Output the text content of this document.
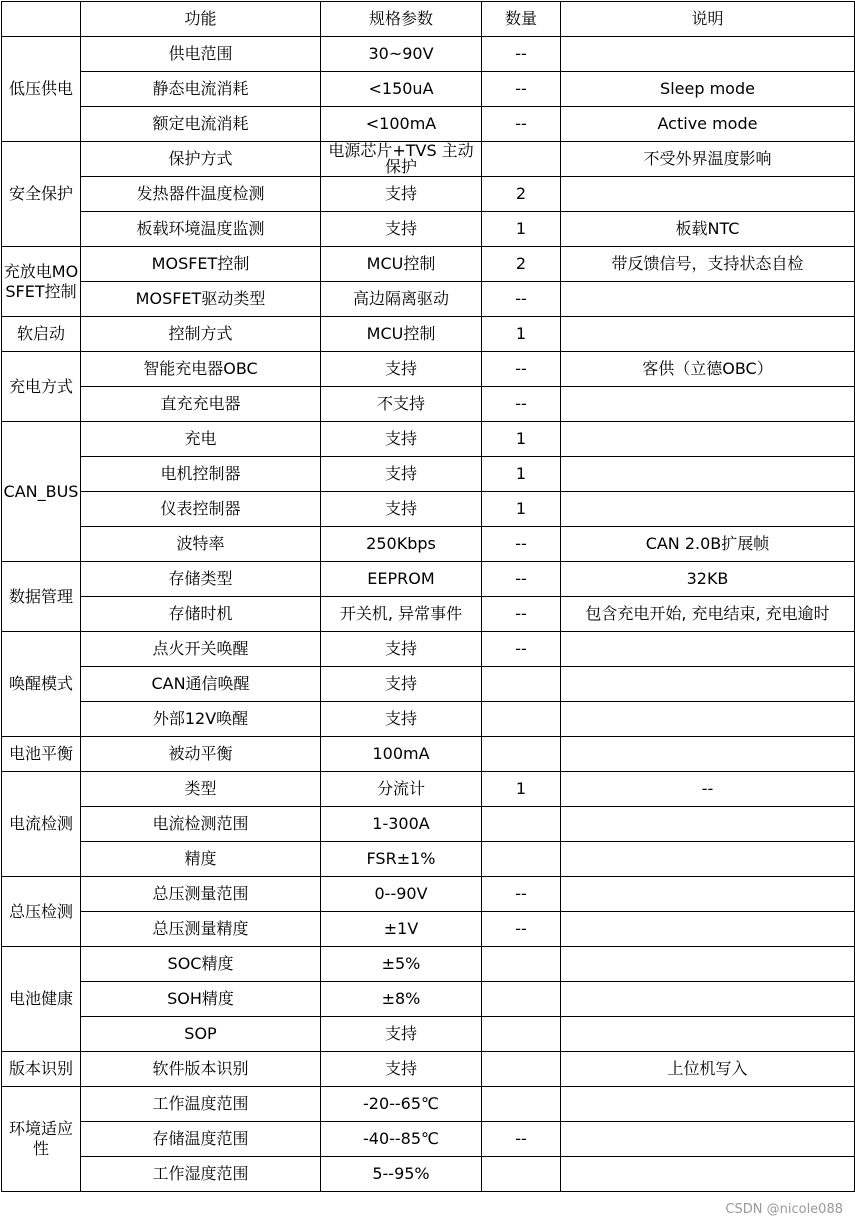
	功能	规格参数	数量	说明
低压供电	供电范围	30~90V	--	
	静态电流消耗	<150uA	--	Sleep mode
	额定电流消耗	<100mA	--	Active mode
安全保护	保护方式	电源芯片+TVS 主动保护		不受外界温度影响
	发热器件温度检测	支持	2	
	板载环境温度监测	支持	1	板载NTC
充放电MOSFET控制	MOSFET控制	MCU控制	2	带反馈信号，支持状态自检
	MOSFET驱动类型	高边隔离驱动	--	
软启动	控制方式	MCU控制	1	
充电方式	智能充电器OBC	支持	--	客供（立德OBC）
	直充充电器	不支持	--	
CAN_BUS	充电	支持	1	
	电机控制器	支持	1	
	仪表控制器	支持	1	
	波特率	250Kbps	--	CAN 2.0B扩展帧
数据管理	存储类型	EEPROM	--	32KB
	存储时机	开关机, 异常事件	--	包含充电开始, 充电结束, 充电逾时
唤醒模式	点火开关唤醒	支持	--	
	CAN通信唤醒	支持		
	外部12V唤醒	支持		
电池平衡	被动平衡	100mA		
电流检测	类型	分流计	1	--
	电流检测范围	1-300A		
	精度	FSR±1%		
总压检测	总压测量范围	0--90V	--	
	总压测量精度	±1V	--	
电池健康	SOC精度	±5%		
	SOH精度	±8%		
	SOP	支持		
版本识别	软件版本识别	支持		上位机写入
环境适应性	工作温度范围	-20--65℃		
	存储温度范围	-40--85℃	--	
	工作湿度范围	5--95%		
CSDN @nicole088
